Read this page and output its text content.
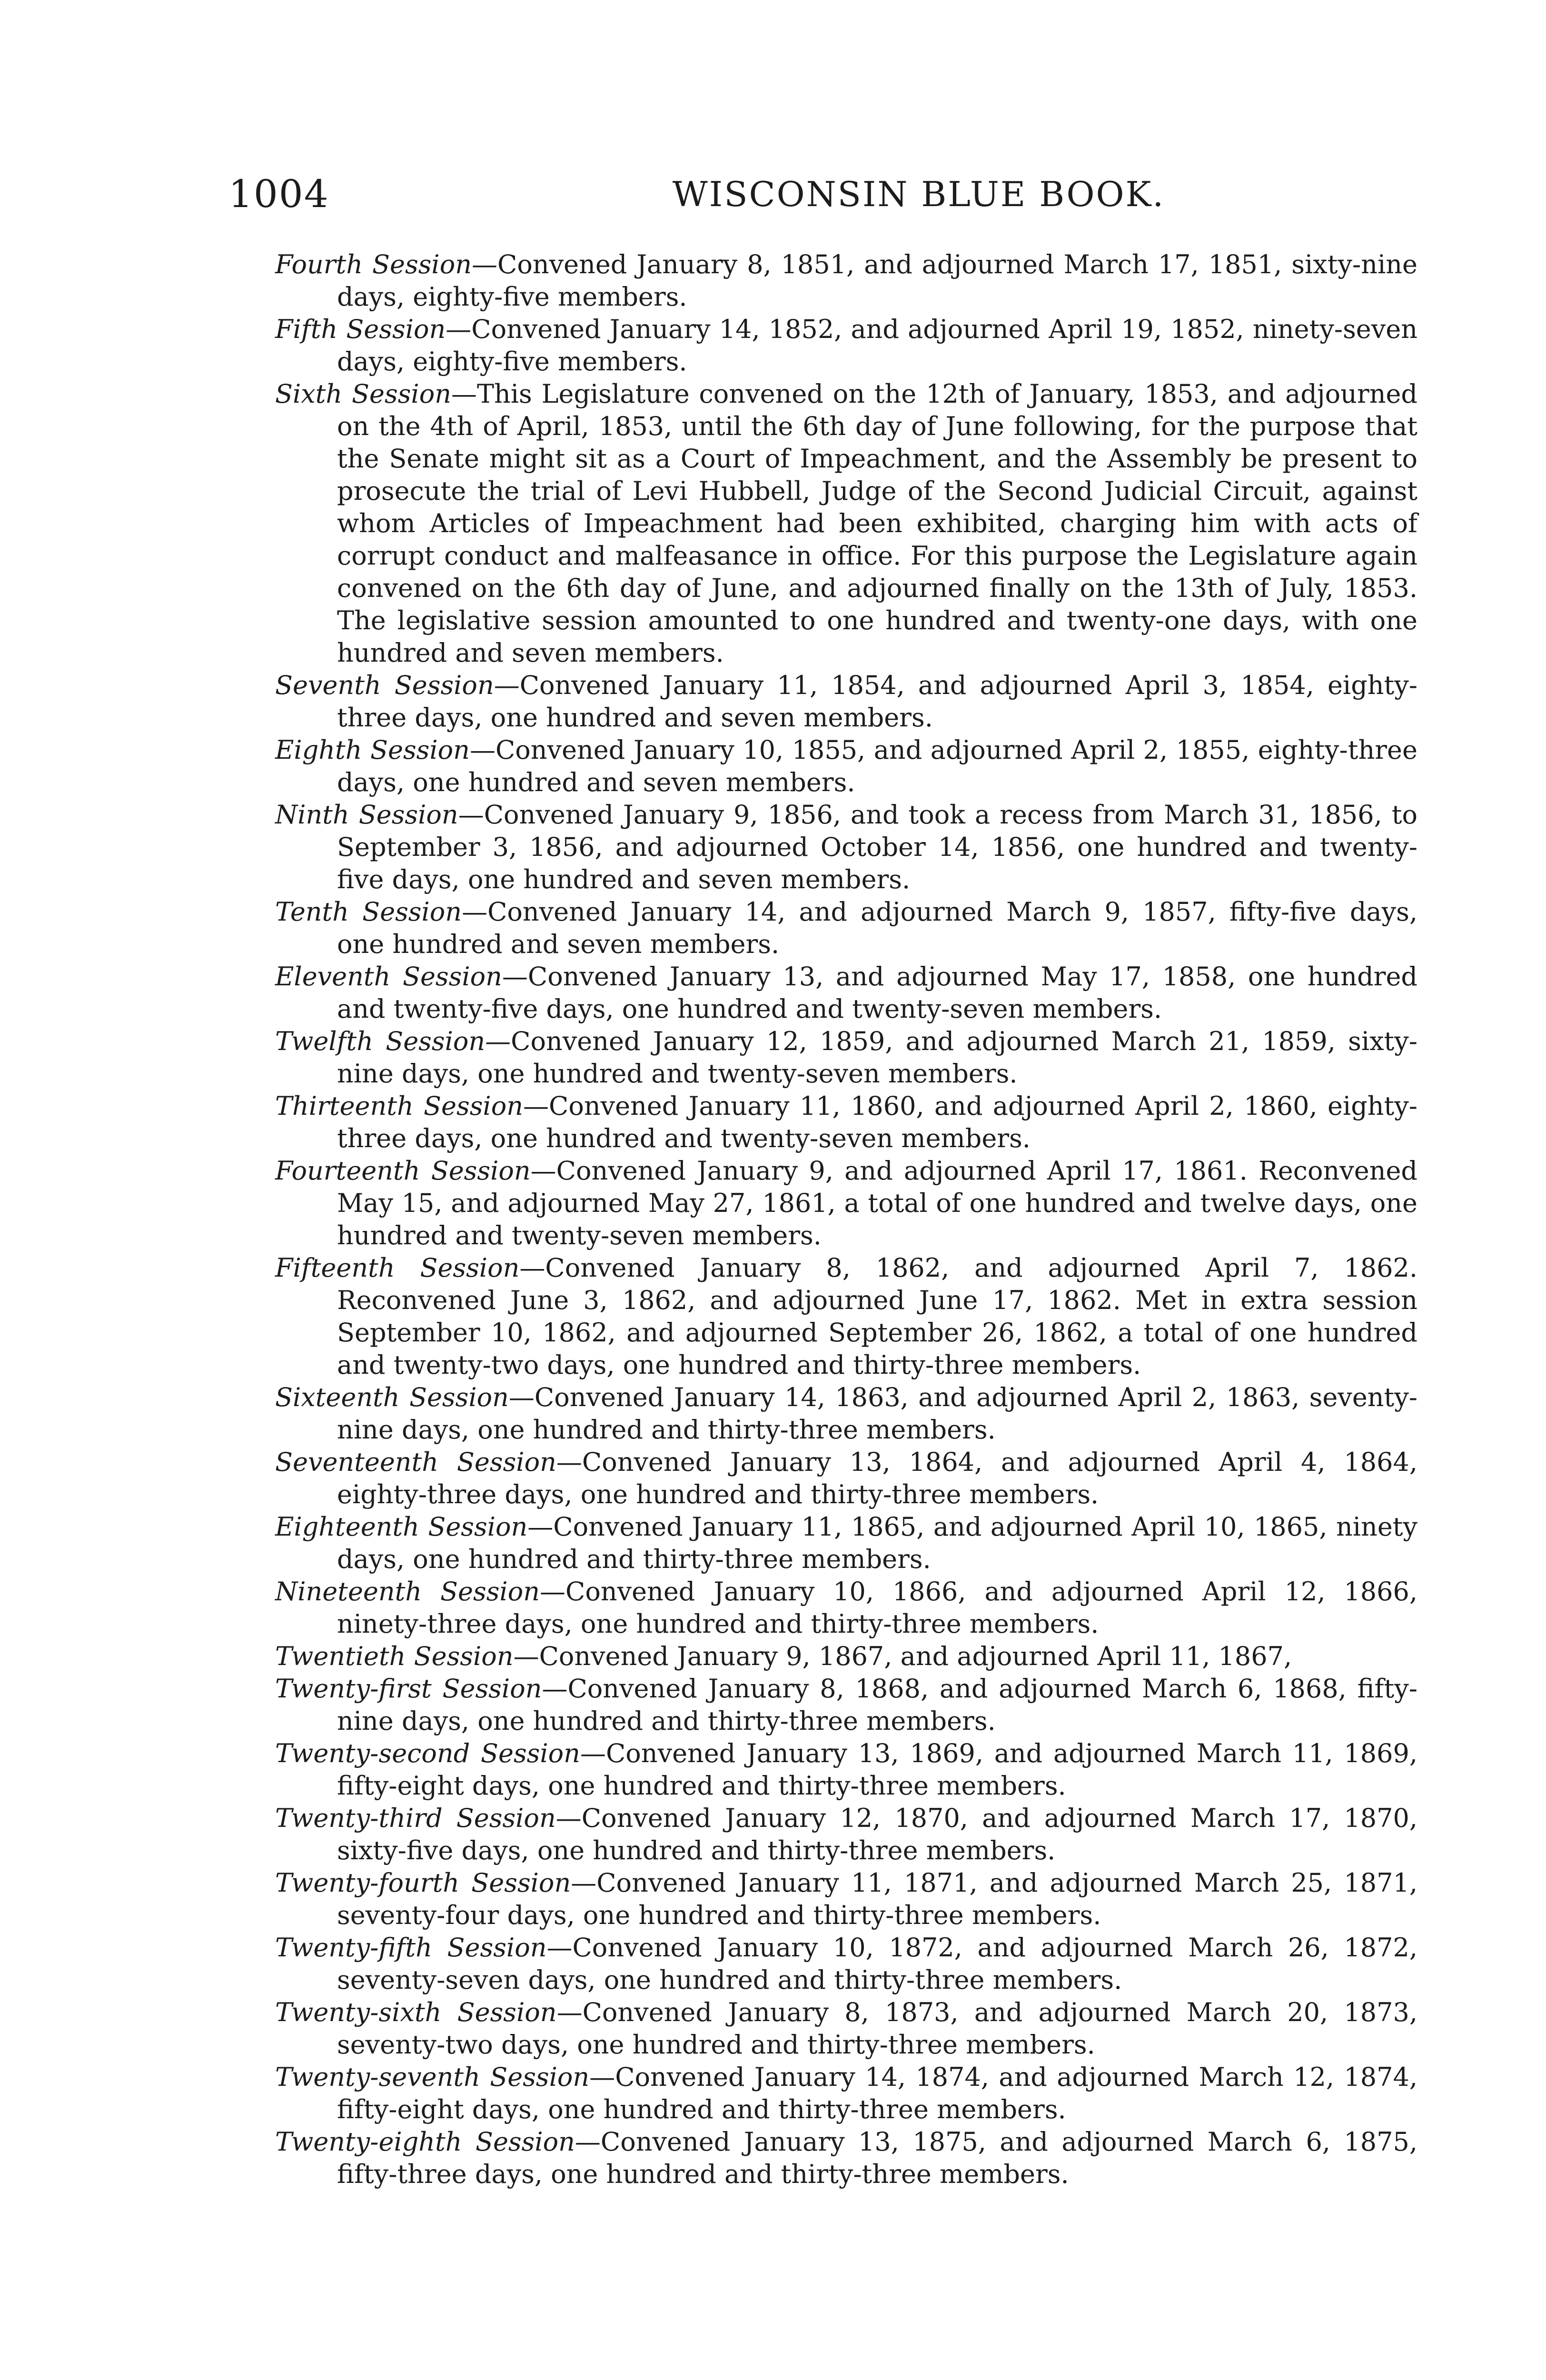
1004	WISCONSIN BLUE BOOK.
Fourth Session—Convened January 8, 1851, and adjourned March 17, 1851, sixty-nine days, eighty-five members.
Fifth Session—Convened January 14, 1852, and adjourned April 19, 1852, ninety-seven days, eighty-five members.
Sixth Session—This Legislature convened on the 12th of January, 1853, and adjourned on the 4th of April, 1853, until the 6th day of June following, for the purpose that the Senate might sit as a Court of Impeachment, and the Assembly be present to prosecute the trial of Levi Hubbell, Judge of the Second Judicial Circuit, against whom Articles of Impeachment had been exhibited, charging him with acts of corrupt conduct and malfeasance in office. For this purpose the Legislature again convened on the 6th day of June, and adjourned finally on the 13th of July, 1853. The legislative session amounted to one hundred and twenty-one days, with one hundred and seven members.
Seventh Session—Convened January 11, 1854, and adjourned April 3, 1854, eighty-three days, one hundred and seven members.
Eighth Session—Convened January 10, 1855, and adjourned April 2, 1855, eighty-three days, one hundred and seven members.
Ninth Session—Convened January 9, 1856, and took a recess from March 31, 1856, to September 3, 1856, and adjourned October 14, 1856, one hundred and twenty-five days, one hundred and seven members.
Tenth Session—Convened January 14, and adjourned March 9, 1857, fifty-five days, one hundred and seven members.
Eleventh Session—Convened January 13, and adjourned May 17, 1858, one hundred and twenty-five days, one hundred and twenty-seven members.
Twelfth Session—Convened January 12, 1859, and adjourned March 21, 1859, sixty-nine days, one hundred and twenty-seven members.
Thirteenth Session—Convened January 11, 1860, and adjourned April 2, 1860, eighty-three days, one hundred and twenty-seven members.
Fourteenth Session—Convened January 9, and adjourned April 17, 1861. Reconvened May 15, and adjourned May 27, 1861, a total of one hundred and twelve days, one hundred and twenty-seven members.
Fifteenth Session—Convened January 8, 1862, and adjourned April 7, 1862. Reconvened June 3, 1862, and adjourned June 17, 1862. Met in extra session September 10, 1862, and adjourned September 26, 1862, a total of one hundred and twenty-two days, one hundred and thirty-three members.
Sixteenth Session—Convened January 14, 1863, and adjourned April 2, 1863, seventy-nine days, one hundred and thirty-three members.
Seventeenth Session—Convened January 13, 1864, and adjourned April 4, 1864, eighty-three days, one hundred and thirty-three members.
Eighteenth Session—Convened January 11, 1865, and adjourned April 10, 1865, ninety days, one hundred and thirty-three members.
Nineteenth Session—Convened January 10, 1866, and adjourned April 12, 1866, ninety-three days, one hundred and thirty-three members.
Twentieth Session—Convened January 9, 1867, and adjourned April 11, 1867,
Twenty-first Session—Convened January 8, 1868, and adjourned March 6, 1868, fifty-nine days, one hundred and thirty-three members.
Twenty-second Session—Convened January 13, 1869, and adjourned March 11, 1869, fifty-eight days, one hundred and thirty-three members.
Twenty-third Session—Convened January 12, 1870, and adjourned March 17, 1870, sixty-five days, one hundred and thirty-three members.
Twenty-fourth Session—Convened January 11, 1871, and adjourned March 25, 1871, seventy-four days, one hundred and thirty-three members.
Twenty-fifth Session—Convened January 10, 1872, and adjourned March 26, 1872, seventy-seven days, one hundred and thirty-three members.
Twenty-sixth Session—Convened January 8, 1873, and adjourned March 20, 1873, seventy-two days, one hundred and thirty-three members.
Twenty-seventh Session—Convened January 14, 1874, and adjourned March 12, 1874, fifty-eight days, one hundred and thirty-three members.
Twenty-eighth Session—Convened January 13, 1875, and adjourned March 6, 1875, fifty-three days, one hundred and thirty-three members.
